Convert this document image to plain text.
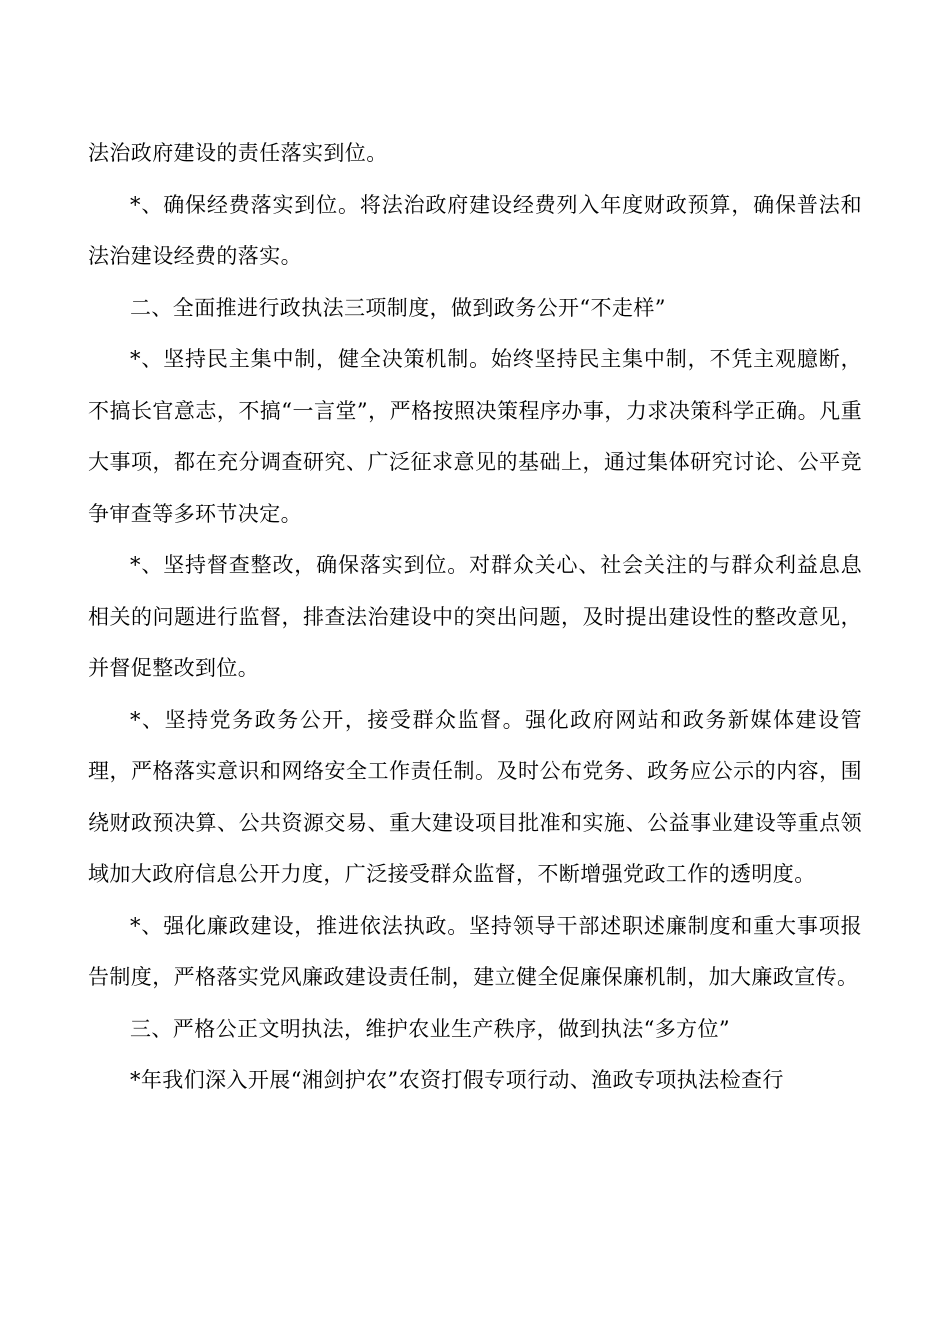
法治政府建设的责任落实到位。

*、确保经费落实到位。将法治政府建设经费列入年度财政预算，确保普法和法治建设经费的落实。

二、全面推进行政执法三项制度，做到政务公开“不走样”

*、坚持民主集中制，健全决策机制。始终坚持民主集中制，不凭主观臆断，不搞长官意志，不搞“一言堂”，严格按照决策程序办事，力求决策科学正确。凡重大事项，都在充分调查研究、广泛征求意见的基础上，通过集体研究讨论、公平竞争审查等多环节决定。

*、坚持督查整改，确保落实到位。对群众关心、社会关注的与群众利益息息相关的问题进行监督，排查法治建设中的突出问题，及时提出建设性的整改意见，并督促整改到位。

*、坚持党务政务公开，接受群众监督。强化政府网站和政务新媒体建设管理，严格落实意识和网络安全工作责任制。及时公布党务、政务应公示的内容，围绕财政预决算、公共资源交易、重大建设项目批准和实施、公益事业建设等重点领域加大政府信息公开力度，广泛接受群众监督，不断增强党政工作的透明度。

*、强化廉政建设，推进依法执政。坚持领导干部述职述廉制度和重大事项报告制度，严格落实党风廉政建设责任制，建立健全促廉保廉机制，加大廉政宣传。

三、严格公正文明执法，维护农业生产秩序，做到执法“多方位”

*年我们深入开展“湘剑护农”农资打假专项行动、渔政专项执法检查行
